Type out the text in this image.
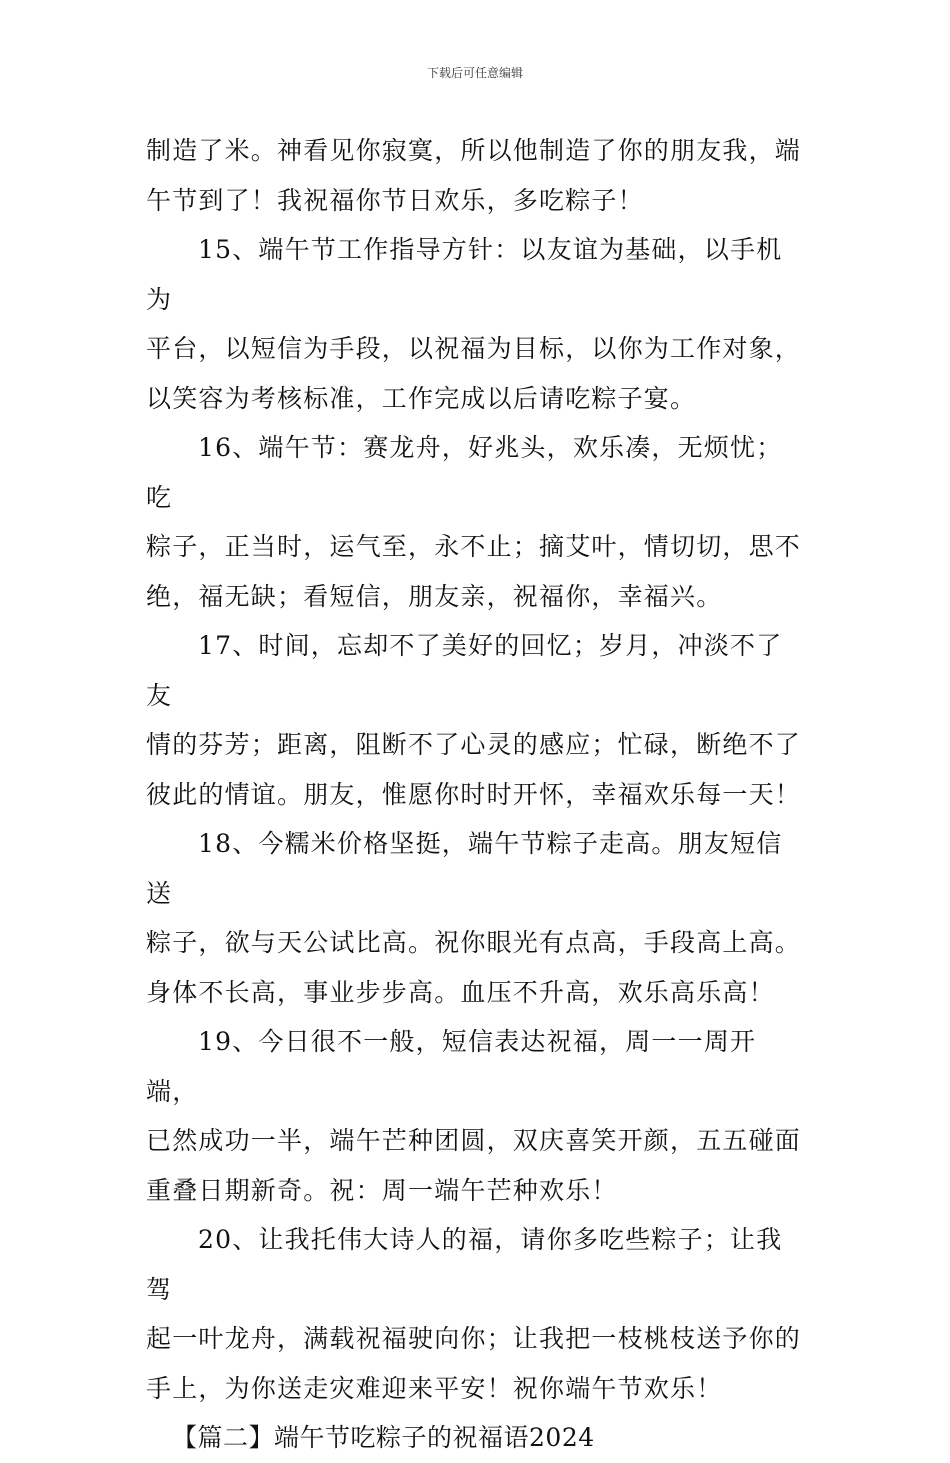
下载后可任意编辑
制造了米。神看见你寂寞，所以他制造了你的朋友我，端
午节到了！我祝福你节日欢乐，多吃粽子！
15、端午节工作指导方针：以友谊为基础，以手机为
平台，以短信为手段，以祝福为目标，以你为工作对象，
以笑容为考核标准，工作完成以后请吃粽子宴。
16、端午节：赛龙舟，好兆头，欢乐凑，无烦忧；吃
粽子，正当时，运气至，永不止；摘艾叶，情切切，思不
绝，福无缺；看短信，朋友亲，祝福你，幸福兴。
17、时间，忘却不了美好的回忆；岁月，冲淡不了友
情的芬芳；距离，阻断不了心灵的感应；忙碌，断绝不了
彼此的情谊。朋友，惟愿你时时开怀，幸福欢乐每一天！
18、今糯米价格坚挺，端午节粽子走高。朋友短信送
粽子，欲与天公试比高。祝你眼光有点高，手段高上高。
身体不长高，事业步步高。血压不升高，欢乐高乐高！
19、今日很不一般，短信表达祝福，周一一周开端，
已然成功一半，端午芒种团圆，双庆喜笑开颜，五五碰面
重叠日期新奇。祝：周一端午芒种欢乐！
20、让我托伟大诗人的福，请你多吃些粽子；让我驾
起一叶龙舟，满载祝福驶向你；让我把一枝桃枝送予你的
手上，为你送走灾难迎来平安！祝你端午节欢乐！
【篇二】端午节吃粽子的祝福语2024
